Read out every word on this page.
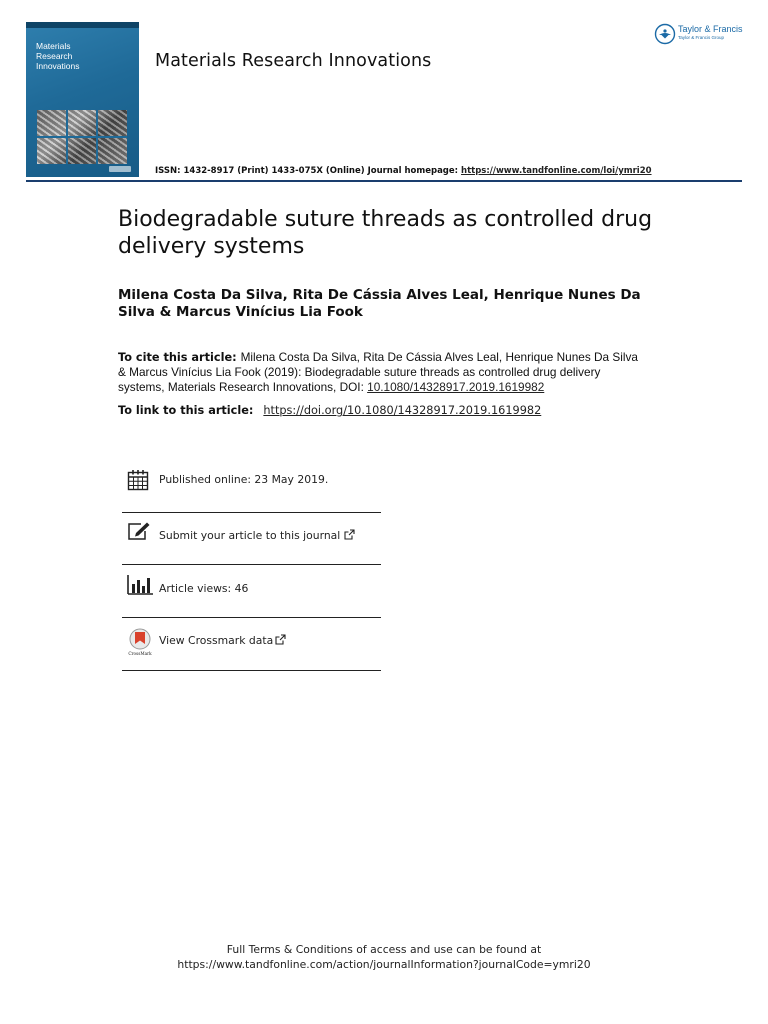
Materials
Research
Innovations	Materials Research Innovations
Taylor & Francis
Taylor & Francis Group
ISSN: 1432-8917 (Print) 1433-075X (Online) Journal homepage: https://www.tandfonline.com/loi/ymri20
Biodegradable suture threads as controlled drug delivery systems
Milena Costa Da Silva, Rita De Cássia Alves Leal, Henrique Nunes Da Silva & Marcus Vinícius Lia Fook
To cite this article: Milena Costa Da Silva, Rita De Cássia Alves Leal, Henrique Nunes Da Silva & Marcus Vinícius Lia Fook (2019): Biodegradable suture threads as controlled drug delivery systems, Materials Research Innovations, DOI: 10.1080/14328917.2019.1619982
To link to this article: https://doi.org/10.1080/14328917.2019.1619982
Published online: 23 May 2019.
Submit your article to this journal
Article views: 46
CrossMark
View Crossmark data
Full Terms & Conditions of access and use can be found at
https://www.tandfonline.com/action/journalInformation?journalCode=ymri20
